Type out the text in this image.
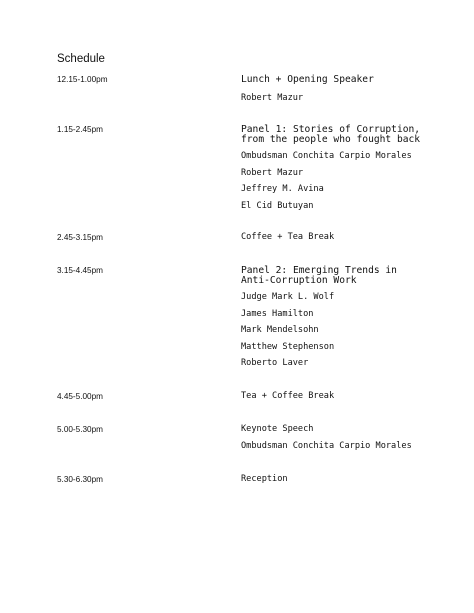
Schedule
12.15-1.00pm	Lunch + Opening Speaker
Robert Mazur
1.15-2.45pm	Panel 1: Stories of Corruption,
from the people who fought back
Ombudsman Conchita Carpio Morales
Robert Mazur
Jeffrey M. Avina
El Cid Butuyan
2.45-3.15pm	Coffee + Tea Break
3.15-4.45pm	Panel 2: Emerging Trends in
Anti-Corruption Work
Judge Mark L. Wolf
James Hamilton
Mark Mendelsohn
Matthew Stephenson
Roberto Laver
4.45-5.00pm	Tea + Coffee Break
5.00-5.30pm	Keynote Speech
Ombudsman Conchita Carpio Morales
5.30-6.30pm	Reception
